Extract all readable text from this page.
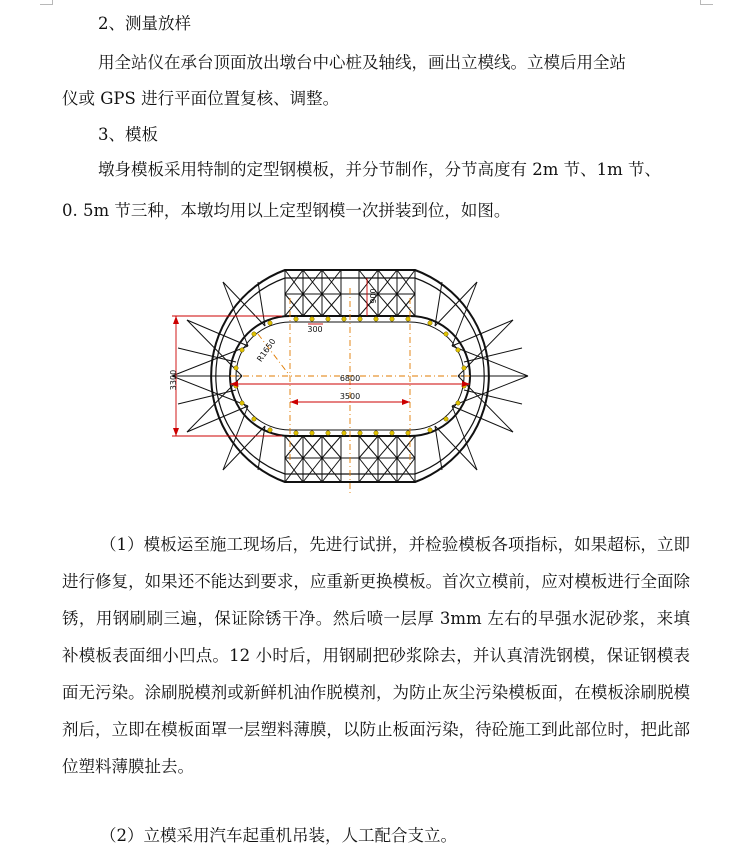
2、测量放样
用全站仪在承台顶面放出墩台中心桩及轴线，画出立模线。立模后用全站
仪或 GPS 进行平面位置复核、调整。
3、模板
墩身模板采用特制的定型钢模板，并分节制作，分节高度有 2m 节、1m 节、
0. 5m 节三种，本墩均用以上定型钢模一次拼装到位，如图。
3300	6800
3500
300
900
R1650
（1）模板运至施工现场后，先进行试拼，并检验模板各项指标，如果超标，立即进行修复，如果还不能达到要求，应重新更换模板。首次立模前，应对模板进行全面除锈，用钢刷刷三遍，保证除锈干净。然后喷一层厚 3mm 左右的早强水泥砂浆，来填补模板表面细小凹点。12 小时后，用钢刷把砂浆除去，并认真清洗钢模，保证钢模表面无污染。涂刷脱模剂或新鲜机油作脱模剂，为防止灰尘污染模板面，在模板涂刷脱模剂后，立即在模板面罩一层塑料薄膜，以防止板面污染，待砼施工到此部位时，把此部位塑料薄膜扯去。
（2）立模采用汽车起重机吊装，人工配合支立。
